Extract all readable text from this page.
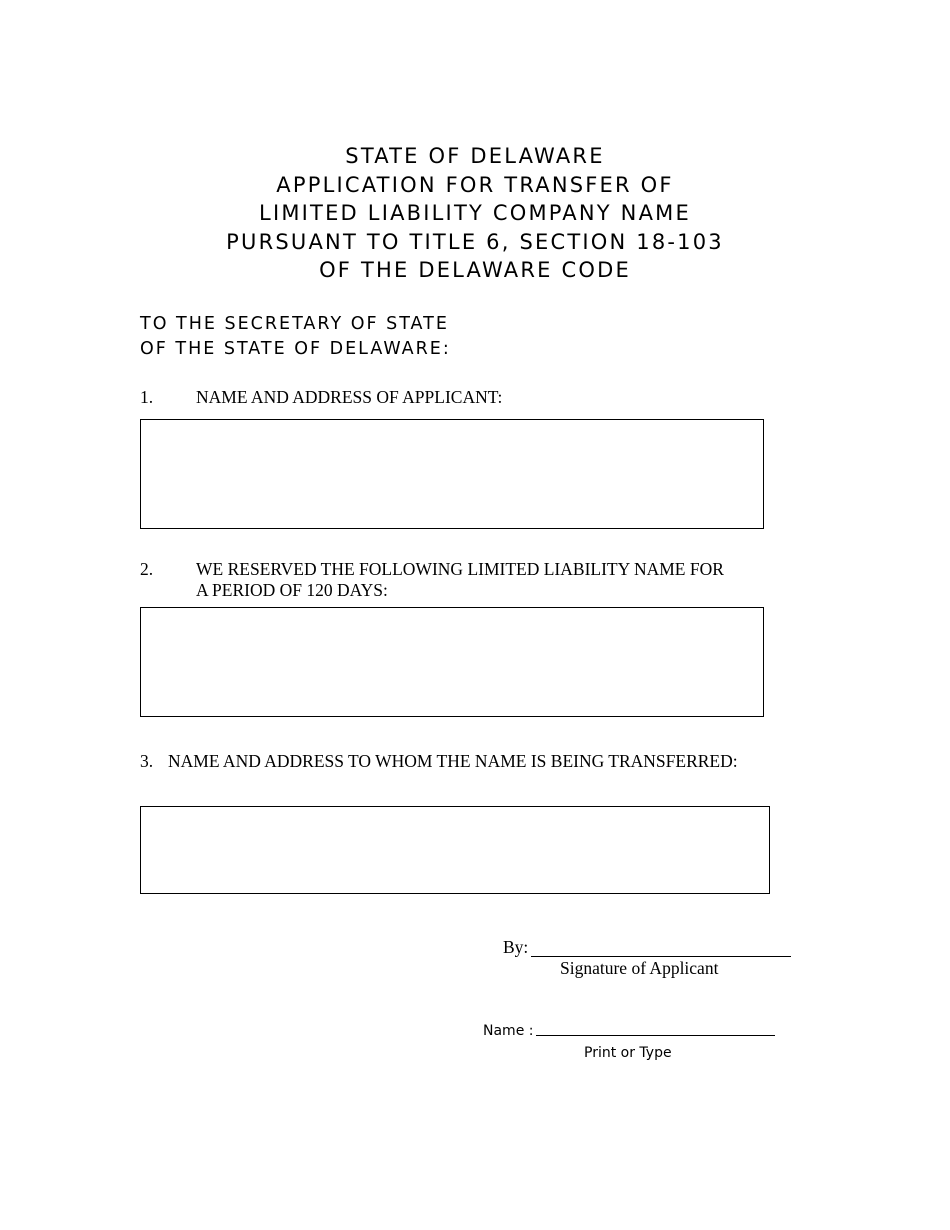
STATE OF DELAWARE
APPLICATION FOR TRANSFER OF
LIMITED LIABILITY COMPANY NAME
PURSUANT TO TITLE 6, SECTION 18-103
OF THE DELAWARE CODE
TO THE SECRETARY OF STATE
OF THE STATE OF DELAWARE:
1. NAME AND ADDRESS OF APPLICANT:
2. WE RESERVED THE FOLLOWING LIMITED LIABILITY NAME FOR
A PERIOD OF 120 DAYS:
3. NAME AND ADDRESS TO WHOM THE NAME IS BEING TRANSFERRED:
By:
Signature of Applicant
Name :
Print or Type
